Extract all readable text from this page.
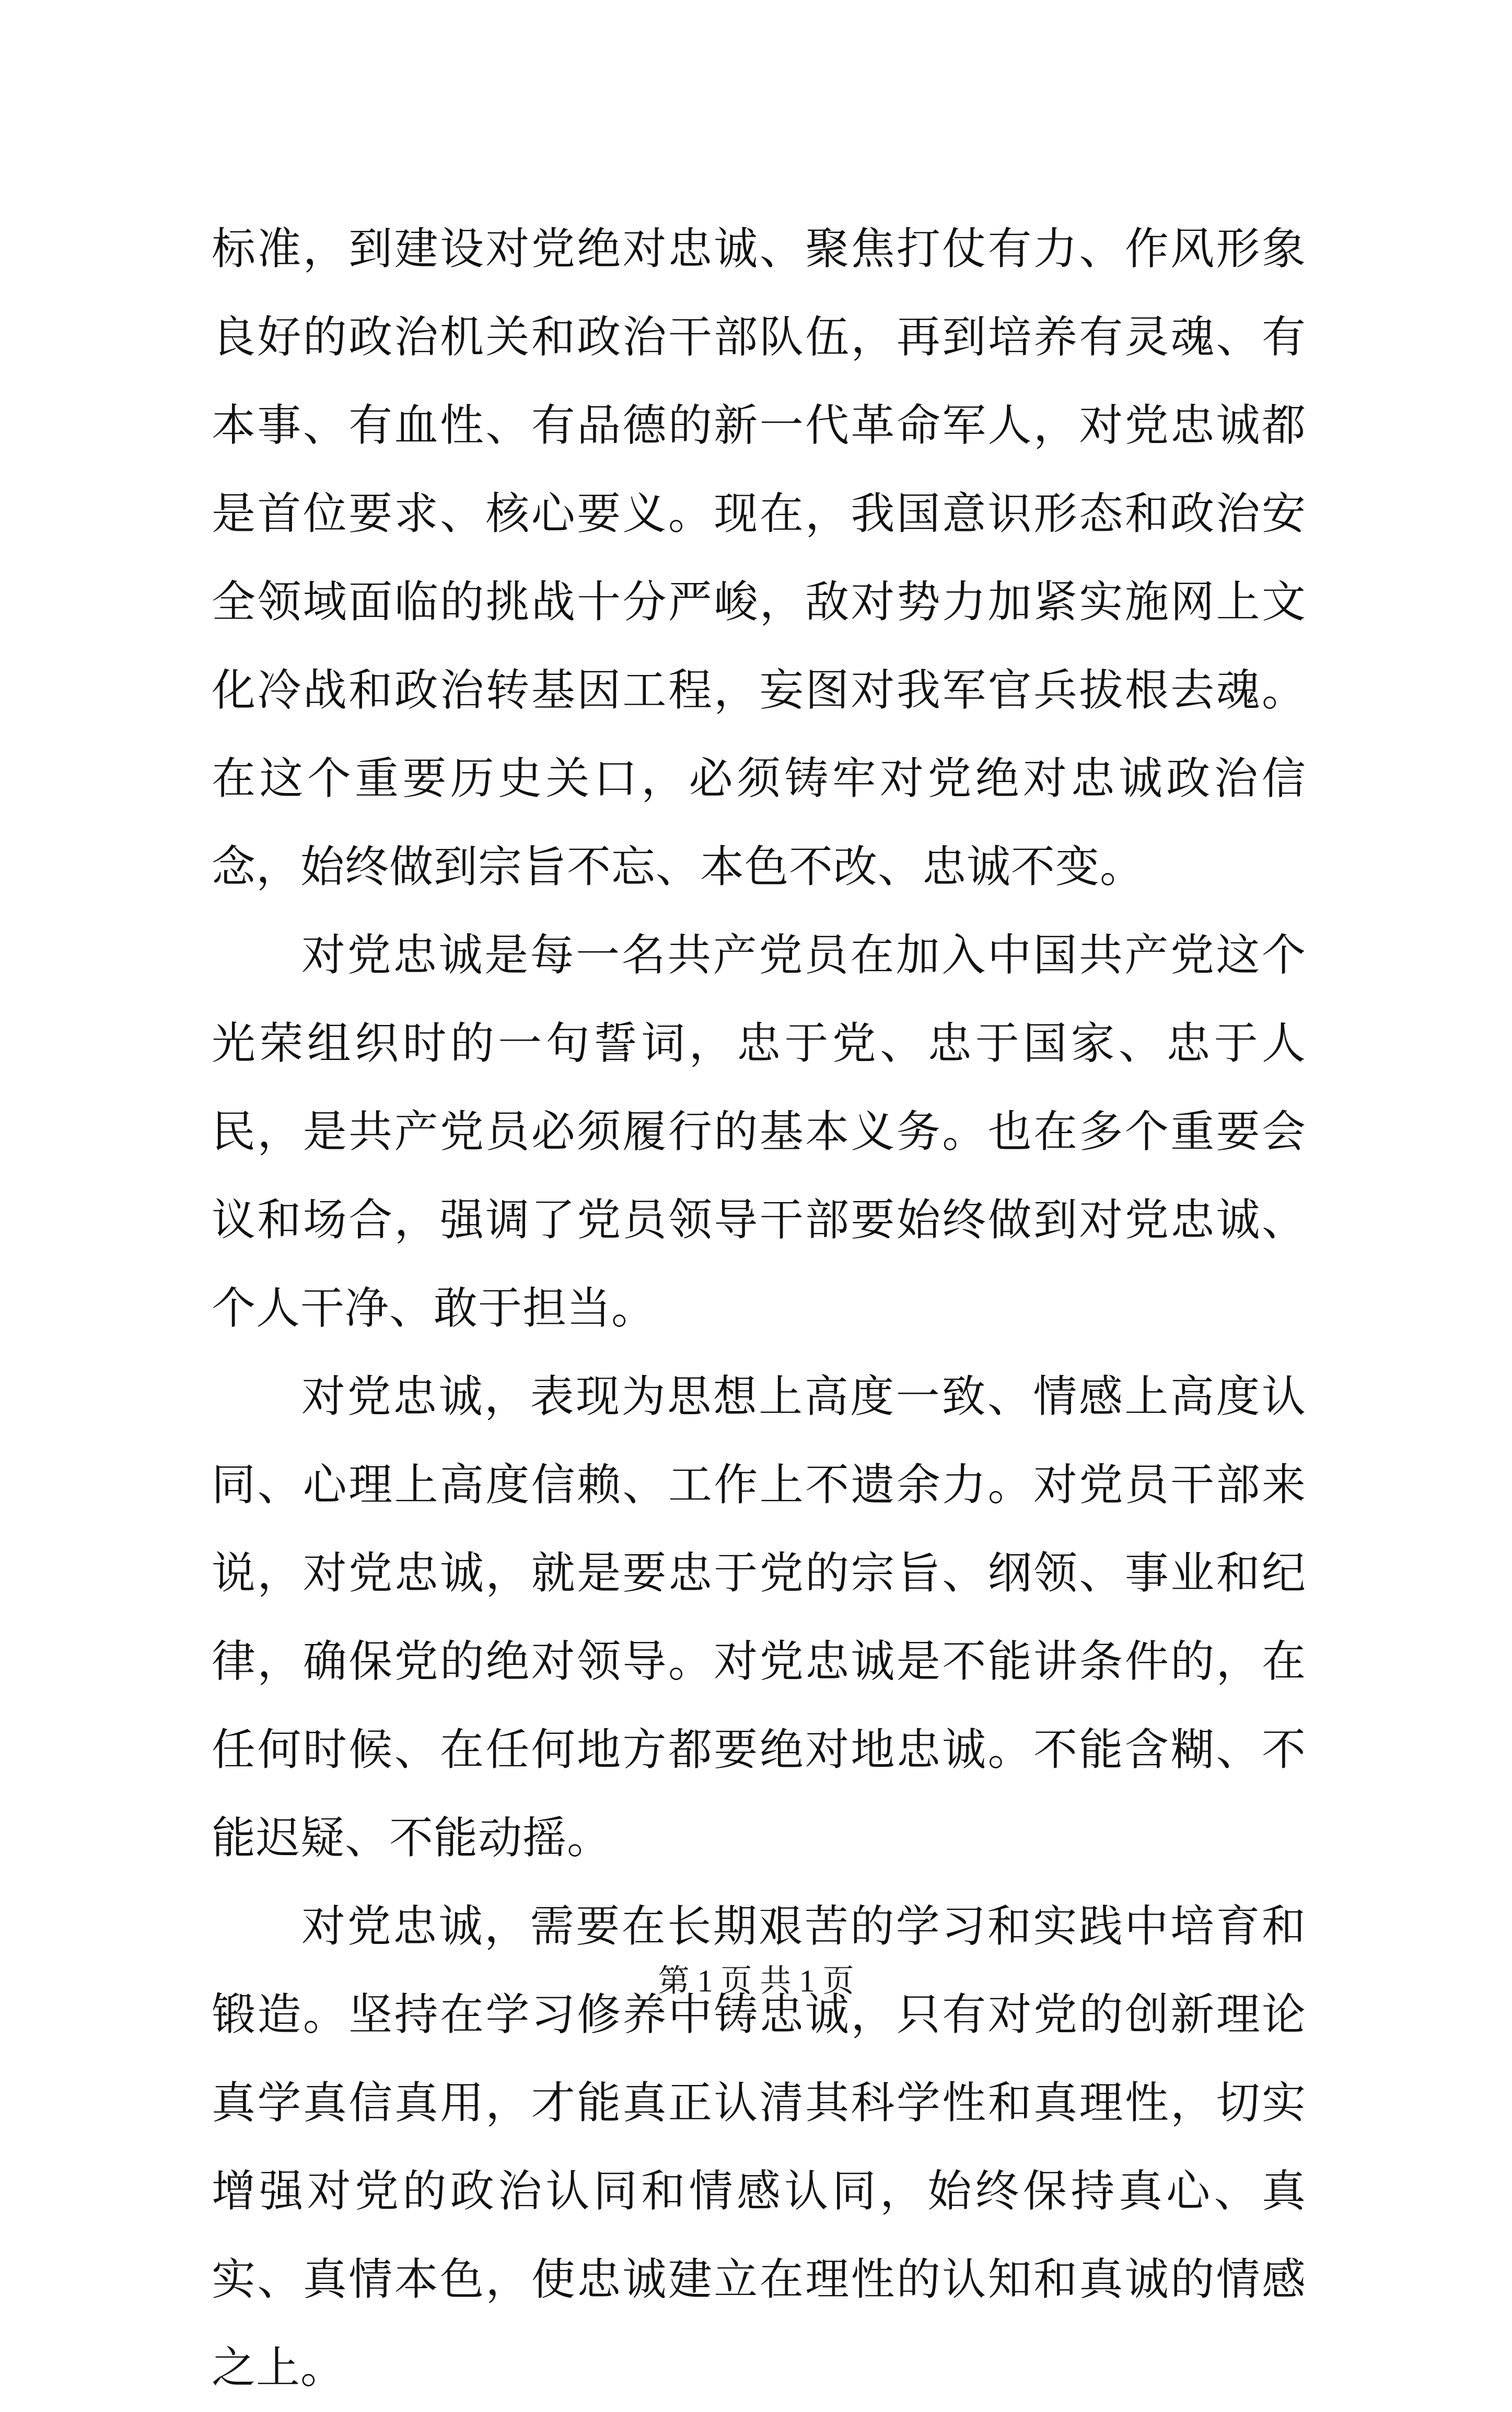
标准，到建设对党绝对忠诚、聚焦打仗有力、作风形象良好的政治机关和政治干部队伍，再到培养有灵魂、有本事、有血性、有品德的新一代革命军人，对党忠诚都是首位要求、核心要义。现在，我国意识形态和政治安全领域面临的挑战十分严峻，敌对势力加紧实施网上文化冷战和政治转基因工程，妄图对我军官兵拔根去魂。在这个重要历史关口，必须铸牢对党绝对忠诚政治信念，始终做到宗旨不忘、本色不改、忠诚不变。

对党忠诚是每一名共产党员在加入中国共产党这个光荣组织时的一句誓词，忠于党、忠于国家、忠于人民，是共产党员必须履行的基本义务。也在多个重要会议和场合，强调了党员领导干部要始终做到对党忠诚、个人干净、敢于担当。

对党忠诚，表现为思想上高度一致、情感上高度认同、心理上高度信赖、工作上不遗余力。对党员干部来说，对党忠诚，就是要忠于党的宗旨、纲领、事业和纪律，确保党的绝对领导。对党忠诚是不能讲条件的，在任何时候、在任何地方都要绝对地忠诚。不能含糊、不能迟疑、不能动摇。

对党忠诚，需要在长期艰苦的学习和实践中培育和锻造。坚持在学习修养中铸忠诚，只有对党的创新理论真学真信真用，才能真正认清其科学性和真理性，切实增强对党的政治认同和情感认同，始终保持真心、真实、真情本色，使忠诚建立在理性的认知和真诚的情感之上。

第 1 页 共 1 页
